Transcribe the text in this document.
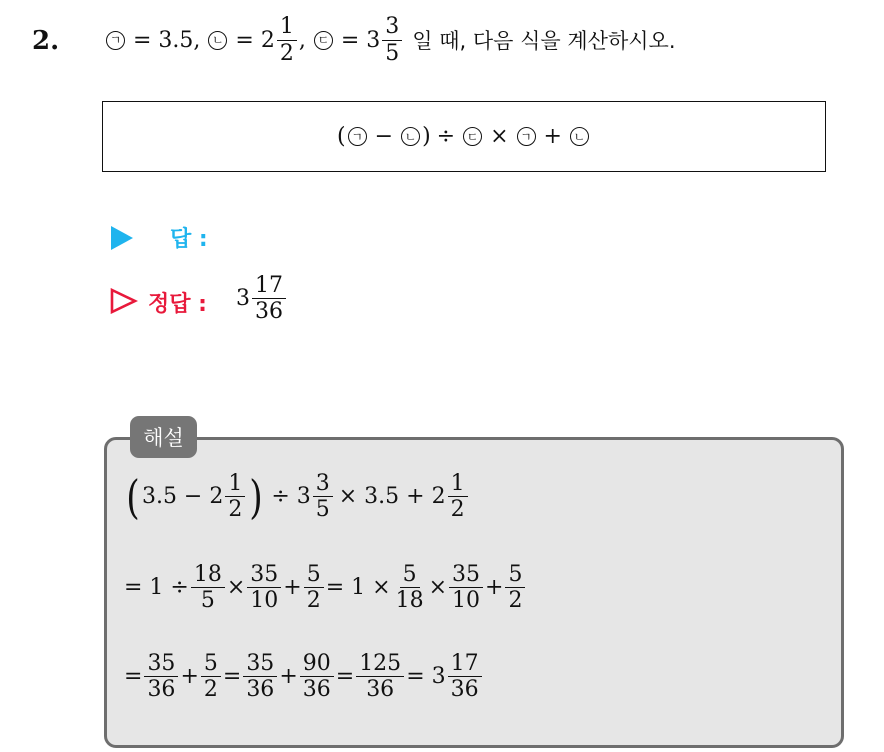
2.	ㄱ = 3.5, ㄴ = $2 \frac{1}{2}$ , ㄷ = $3 \frac{3}{5}$ 일 때, 다음 식을 계산하시오.
( ㄱ − ㄴ ) ÷ ㄷ × ㄱ + ㄴ
답 :
정답 : $3 \frac{17}{36}$
해설
( $3.5 - 2 \frac{1}{2}$ ) ÷ $3 \frac{3}{5} \times 3.5 + 2 \frac{1}{2}$
= $1 \div \frac{18}{5} \times \frac{35}{10} + \frac{5}{2} = 1 \times \frac{5}{18} \times \frac{35}{10} + \frac{5}{2}$
= $\frac{35}{36} + \frac{5}{2} = \frac{35}{36} + \frac{90}{36} = \frac{125}{36} = 3 \frac{17}{36}$
